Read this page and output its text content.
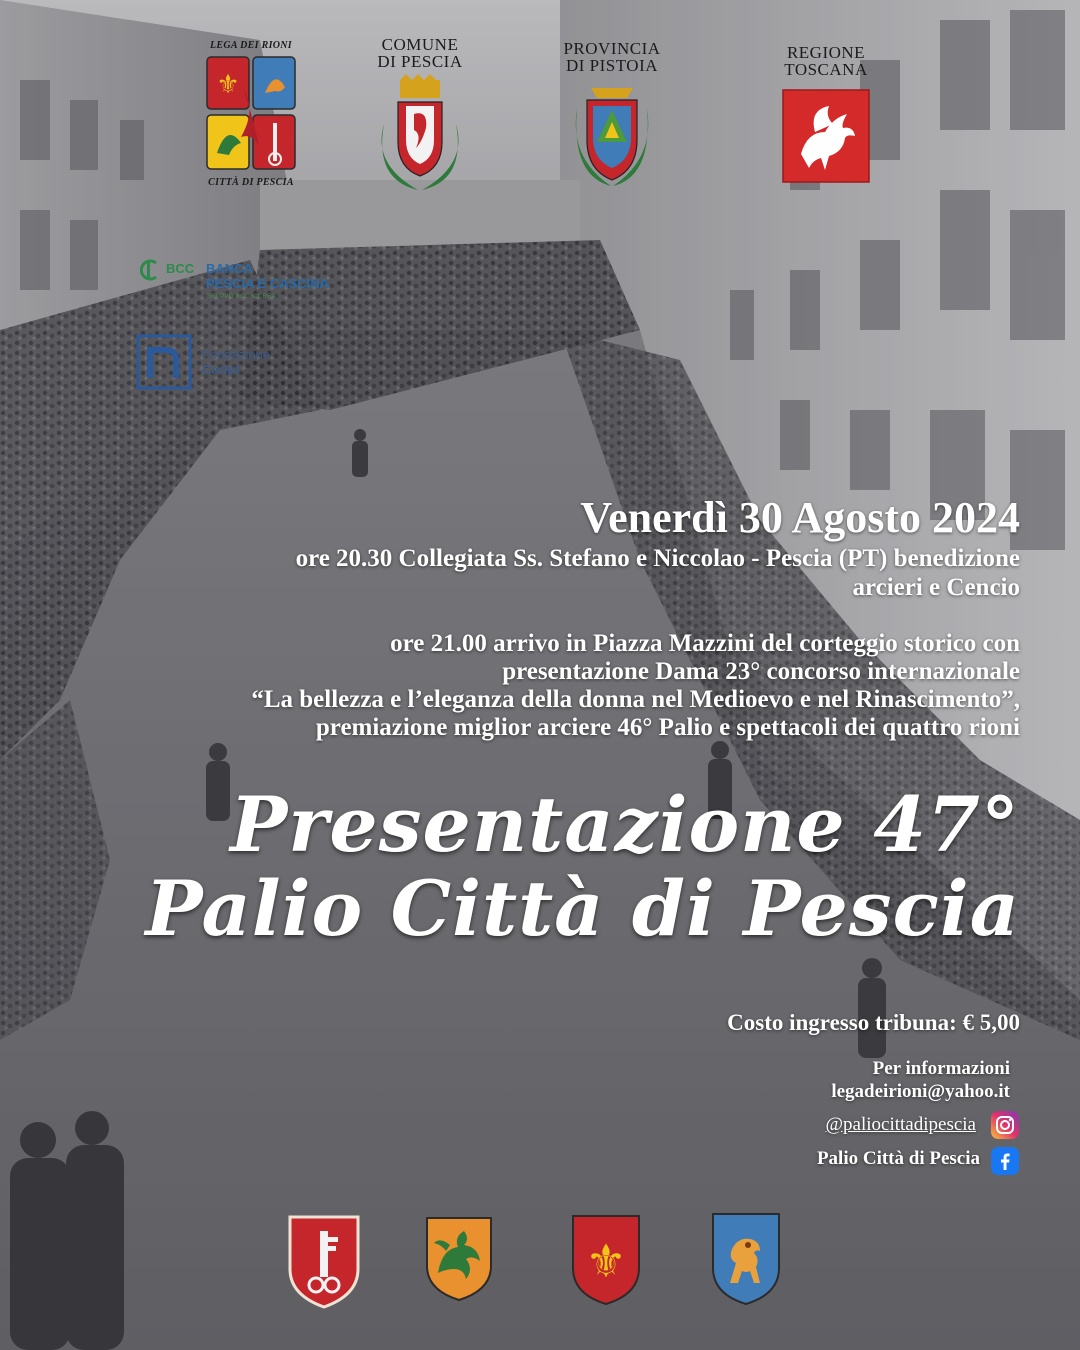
LEGA DEI RIONI
⚜
CITTÀ DI PESCIA
COMUNE
DI PESCIA
PROVINCIA
DI PISTOIA
REGIONE
TOSCANA
BCC BANCA
PESCIA E CASCINA
GRUPPO BCC ICCREA
Fondazione
Caript
Venerdì 30 Agosto 2024
ore 20.30 Collegiata Ss. Stefano e Niccolao - Pescia (PT) benedizione
arcieri e Cencio
ore 21.00 arrivo in Piazza Mazzini del corteggio storico con
presentazione Dama 23° concorso internazionale
“La bellezza e l’eleganza della donna nel Medioevo e nel Rinascimento”,
premiazione miglior arciere 46° Palio e spettacoli dei quattro rioni
Presentazione 47°
Palio Città di Pescia
Costo ingresso tribuna: € 5,00
Per informazioni
legadeirioni@yahoo.it
@paliocittadipescia
Palio Città di Pescia
⚜
